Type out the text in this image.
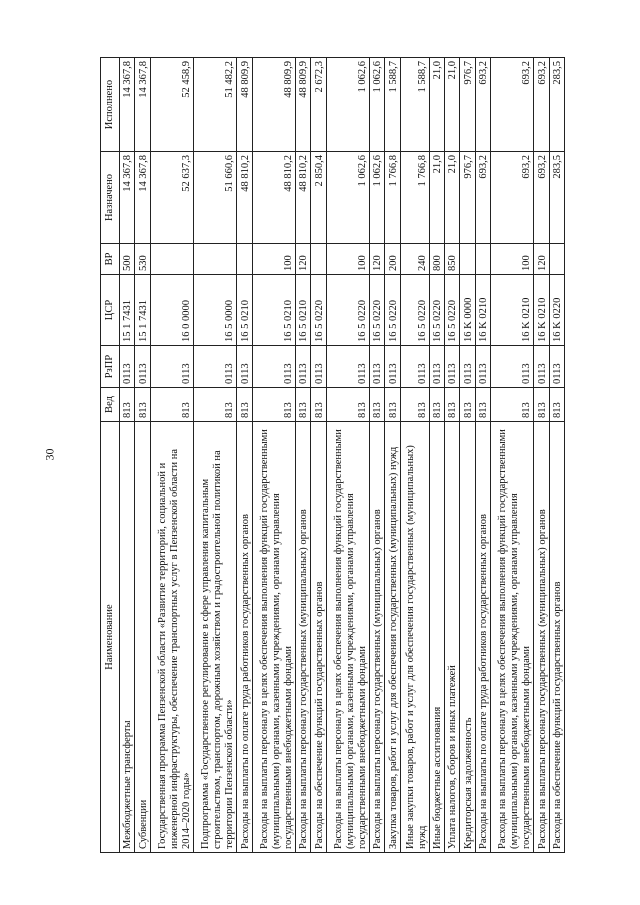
30
Наименование	Вед	РзПР	ЦСР	ВР	Назначено	Исполнено
Межбюджетные трансферты	813	0113	15 1 7431	500	14 367,8	14 367,8
Субвенции	813	0113	15 1 7431	530	14 367,8	14 367,8
Государственная программа Пензенской области «Развитие территорий, социальной и инженерной инфраструктуры, обеспечение транспортных услуг в Пензенской области на 2014–2020 годы»	813	0113	16 0 0000		52 637,3	52 458,9
Подпрограмма «Государственное регулирование в сфере управления капитальным строительством, транспортом, дорожным хозяйством и градостроительной политикой на территории Пензенской области»	813	0113	16 5 0000		51 660,6	51 482,2
Расходы на выплаты по оплате труда работников государственных органов	813	0113	16 5 0210		48 810,2	48 809,9
Расходы на выплаты персоналу в целях обеспечения выполнения функций государственными (муниципальными) органами, казенными учреждениями, органами управления государственными внебюджетными фондами	813	0113	16 5 0210	100	48 810,2	48 809,9
Расходы на выплаты персоналу государственных (муниципальных) органов	813	0113	16 5 0210	120	48 810,2	48 809,9
Расходы на обеспечение функций государственных органов	813	0113	16 5 0220		2 850,4	2 672,3
Расходы на выплаты персоналу в целях обеспечения выполнения функций государственными (муниципальными) органами, казенными учреждениями, органами управления государственными внебюджетными фондами	813	0113	16 5 0220	100	1 062,6	1 062,6
Расходы на выплаты персоналу государственных (муниципальных) органов	813	0113	16 5 0220	120	1 062,6	1 062,6
Закупка товаров, работ и услуг для обеспечения государственных (муниципальных) нужд	813	0113	16 5 0220	200	1 766,8	1 588,7
Иные закупки товаров, работ и услуг для обеспечения государственных (муниципальных) нужд	813	0113	16 5 0220	240	1 766,8	1 588,7
Иные бюджетные ассигнования	813	0113	16 5 0220	800	21,0	21,0
Уплата налогов, сборов и иных платежей	813	0113	16 5 0220	850	21,0	21,0
Кредиторская задолженность	813	0113	16 K 0000		976,7	976,7
Расходы на выплаты по оплате труда работников государственных органов	813	0113	16 K 0210		693,2	693,2
Расходы на выплаты персоналу в целях обеспечения выполнения функций государственными (муниципальными) органами, казенными учреждениями, органами управления государственными внебюджетными фондами	813	0113	16 K 0210	100	693,2	693,2
Расходы на выплаты персоналу государственных (муниципальных) органов	813	0113	16 K 0210	120	693,2	693,2
Расходы на обеспечение функций государственных органов	813	0113	16 K 0220		283,5	283,5
